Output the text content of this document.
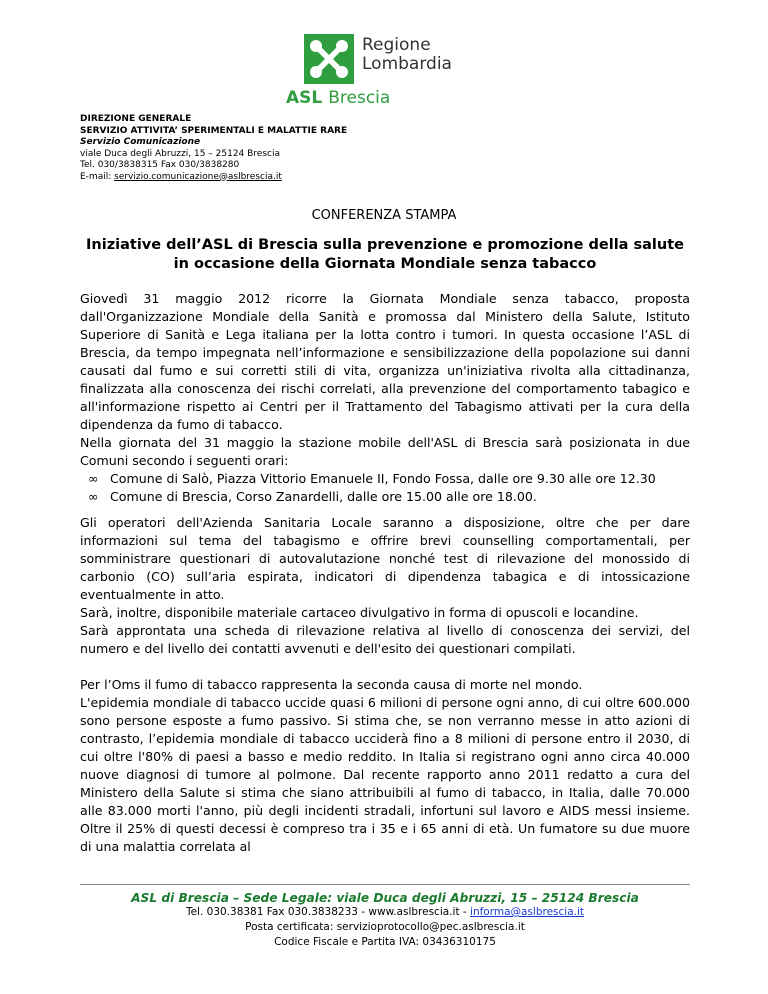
Regione
Lombardia
ASL Brescia
DIREZIONE GENERALE
SERVIZIO ATTIVITA’ SPERIMENTALI E MALATTIE RARE
Servizio Comunicazione
viale Duca degli Abruzzi, 15 – 25124 Brescia
Tel. 030/3838315 Fax 030/3838280
E-mail: servizio.comunicazione@aslbrescia.it
CONFERENZA STAMPA
Iniziative dell’ASL di Brescia sulla prevenzione e promozione della salute in occasione della Giornata Mondiale senza tabacco

Giovedì 31 maggio 2012 ricorre la Giornata Mondiale senza tabacco, proposta dall'Organizzazione Mondiale della Sanità e promossa dal Ministero della Salute, Istituto Superiore di Sanità e Lega italiana per la lotta contro i tumori. In questa occasione l’ASL di Brescia, da tempo impegnata nell’informazione e sensibilizzazione della popolazione sui danni causati dal fumo e sui corretti stili di vita, organizza un'iniziativa rivolta alla cittadinanza, finalizzata alla conoscenza dei rischi correlati, alla prevenzione del comportamento tabagico e all'informazione rispetto ai Centri per il Trattamento del Tabagismo attivati per la cura della dipendenza da fumo di tabacco.

Nella giornata del 31 maggio la stazione mobile dell'ASL di Brescia sarà posizionata in due Comuni secondo i seguenti orari:

∞ Comune di Salò, Piazza Vittorio Emanuele II, Fondo Fossa, dalle ore 9.30 alle ore 12.30
∞ Comune di Brescia, Corso Zanardelli, dalle ore 15.00 alle ore 18.00.

Gli operatori dell'Azienda Sanitaria Locale saranno a disposizione, oltre che per dare informazioni sul tema del tabagismo e offrire brevi counselling comportamentali, per somministrare questionari di autovalutazione nonché test di rilevazione del monossido di carbonio (CO) sull’aria espirata, indicatori di dipendenza tabagica e di intossicazione eventualmente in atto.

Sarà, inoltre, disponibile materiale cartaceo divulgativo in forma di opuscoli e locandine.

Sarà approntata una scheda di rilevazione relativa al livello di conoscenza dei servizi, del numero e del livello dei contatti avvenuti e dell'esito dei questionari compilati.

Per l’Oms il fumo di tabacco rappresenta la seconda causa di morte nel mondo.

L'epidemia mondiale di tabacco uccide quasi 6 milioni di persone ogni anno, di cui oltre 600.000 sono persone esposte a fumo passivo. Si stima che, se non verranno messe in atto azioni di contrasto, l’epidemia mondiale di tabacco ucciderà fino a 8 milioni di persone entro il 2030, di cui oltre l'80% di paesi a basso e medio reddito. In Italia si registrano ogni anno circa 40.000 nuove diagnosi di tumore al polmone. Dal recente rapporto anno 2011 redatto a cura del Ministero della Salute si stima che siano attribuibili al fumo di tabacco, in Italia, dalle 70.000 alle 83.000 morti l'anno, più degli incidenti stradali, infortuni sul lavoro e AIDS messi insieme. Oltre il 25% di questi decessi è compreso tra i 35 e i 65 anni di età. Un fumatore su due muore di una malattia correlata al

ASL di Brescia – Sede Legale: viale Duca degli Abruzzi, 15 – 25124 Brescia
Tel. 030.38381 Fax 030.3838233 - www.aslbrescia.it - informa@aslbrescia.it
Posta certificata: servizioprotocollo@pec.aslbrescia.it
Codice Fiscale e Partita IVA: 03436310175
